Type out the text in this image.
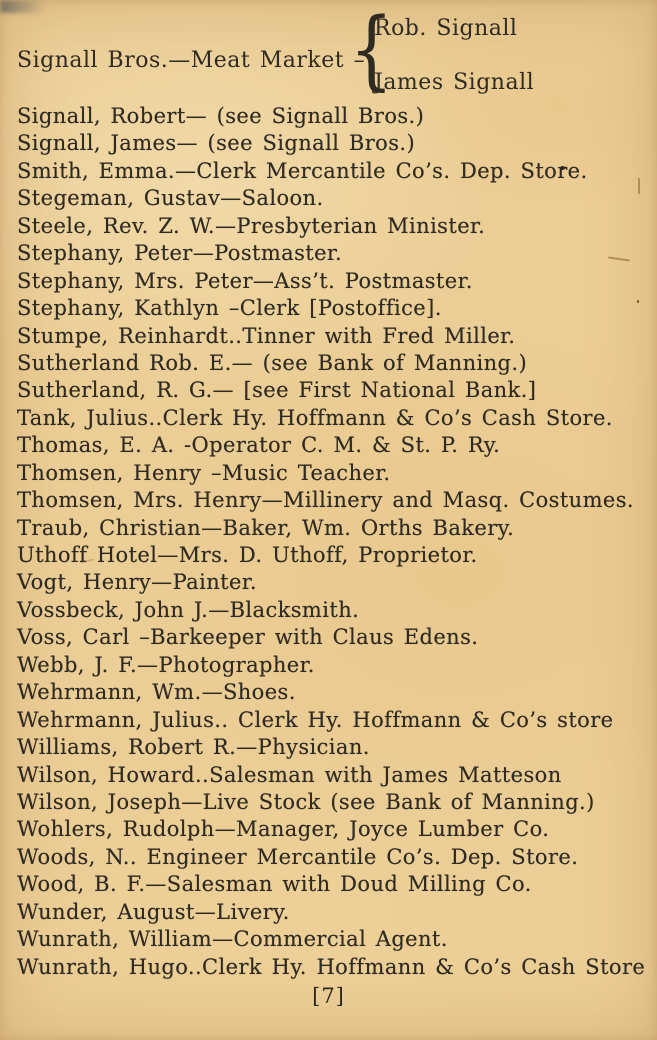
Signall Bros.—Meat Market –
{
Rob. Signall
James Signall
Signall, Robert— (see Signall Bros.)
Signall, James— (see Signall Bros.)
Smith, Emma.—Clerk Mercantile Co’s. Dep. Store.
Stegeman, Gustav—Saloon.
Steele, Rev. Z. W.—Presbyterian Minister.
Stephany, Peter—Postmaster.
Stephany, Mrs. Peter—Ass’t. Postmaster.
Stephany, Kathlyn –Clerk [Postoffice].
Stumpe, Reinhardt..Tinner with Fred Miller.
Sutherland Rob. E.— (see Bank of Manning.)
Sutherland, R. G.— [see First National Bank.]
Tank, Julius..Clerk Hy. Hoffmann & Co’s Cash Store.
Thomas, E. A. -Operator C. M. & St. P. Ry.
Thomsen, Henry –Music Teacher.
Thomsen, Mrs. Henry—Millinery and Masq. Costumes.
Traub, Christian—Baker, Wm. Orths Bakery.
Uthoff Hotel—Mrs. D. Uthoff, Proprietor.
Vogt, Henry—Painter.
Vossbeck, John J.—Blacksmith.
Voss, Carl –Barkeeper with Claus Edens.
Webb, J. F.—Photographer.
Wehrmann, Wm.—Shoes.
Wehrmann, Julius.. Clerk Hy. Hoffmann & Co’s store
Williams, Robert R.—Physician.
Wilson, Howard..Salesman with James Matteson
Wilson, Joseph—Live Stock (see Bank of Manning.)
Wohlers, Rudolph—Manager, Joyce Lumber Co.
Woods, N.. Engineer Mercantile Co’s. Dep. Store.
Wood, B. F.—Salesman with Doud Milling Co.
Wunder, August—Livery.
Wunrath, William—Commercial Agent.
Wunrath, Hugo..Clerk Hy. Hoffmann & Co’s Cash Store
[7]
